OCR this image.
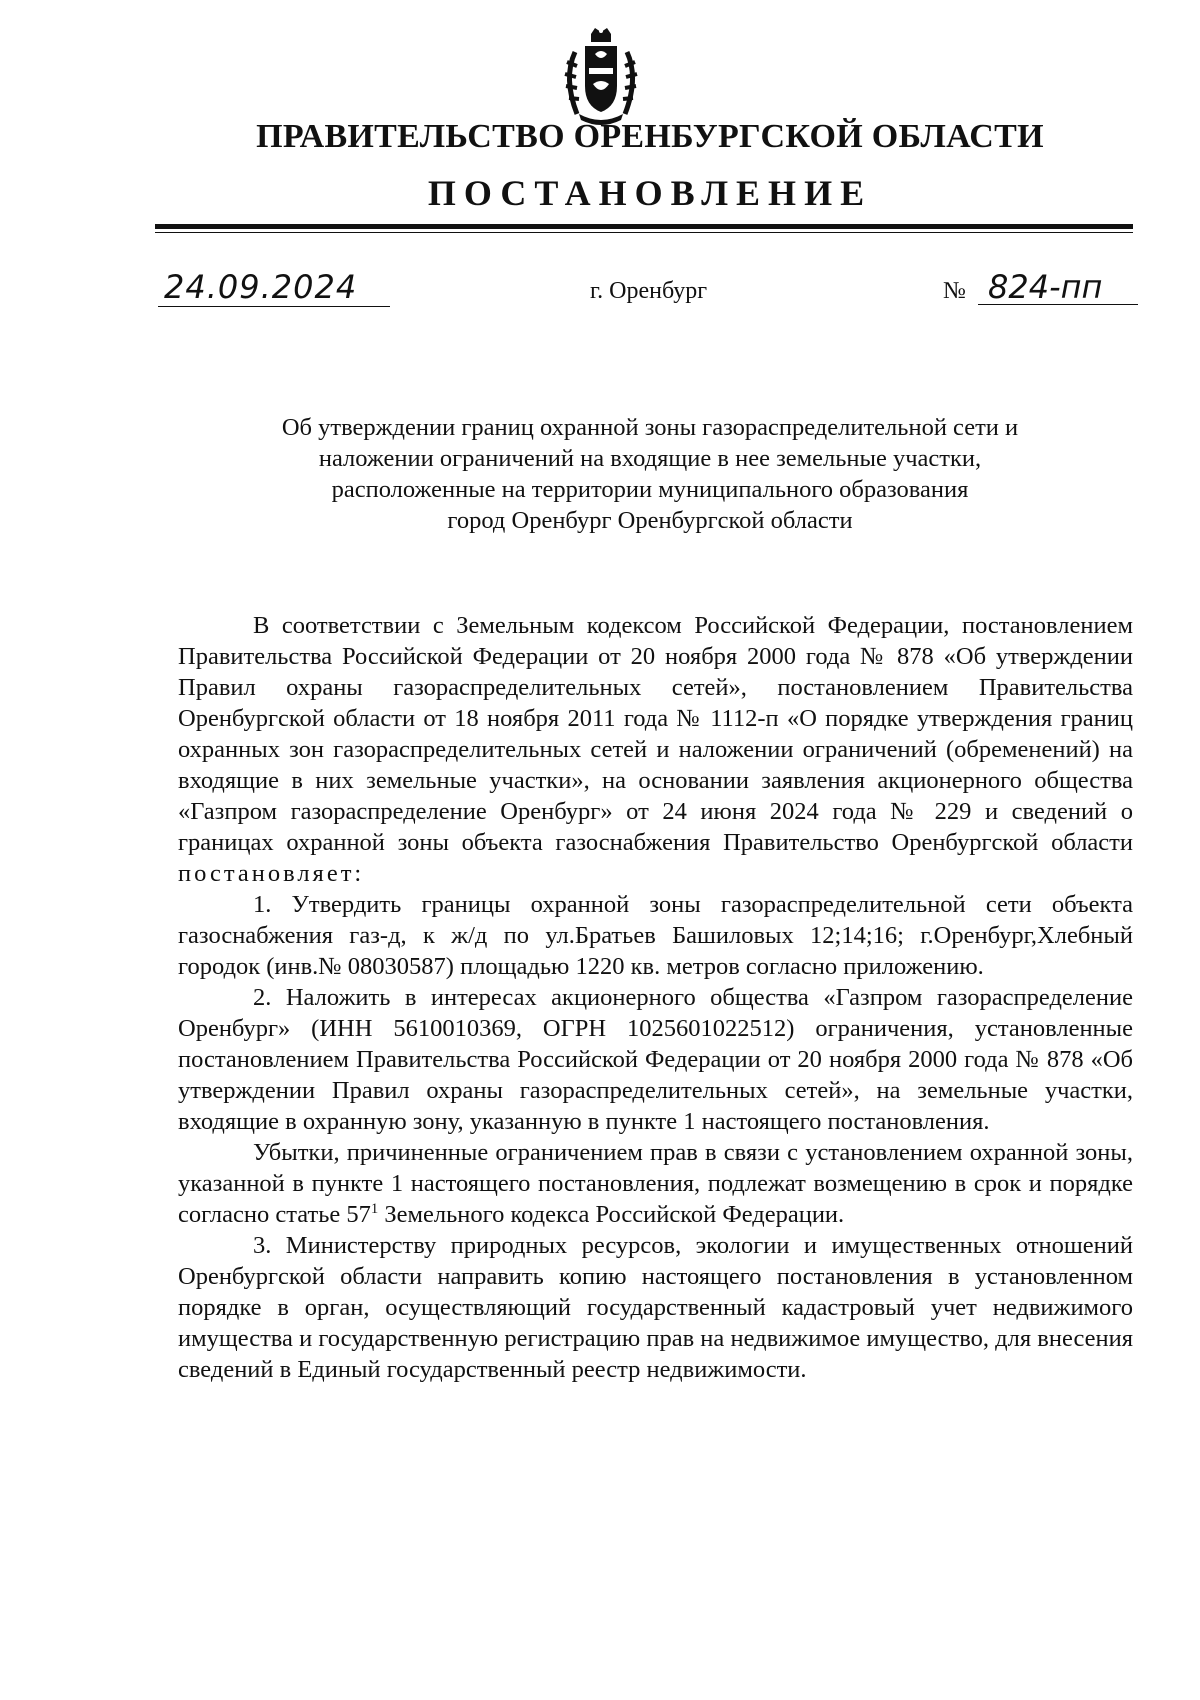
ПРАВИТЕЛЬСТВО ОРЕНБУРГСКОЙ ОБЛАСТИ
ПОСТАНОВЛЕНИЕ
24.09.2024	г. Оренбург	№ 824-пп
Об утверждении границ охранной зоны газораспределительной сети и
наложении ограничений на входящие в нее земельные участки,
расположенные на территории муниципального образования
город Оренбург Оренбургской области

В соответствии с Земельным кодексом Российской Федерации, постановлением Правительства Российской Федерации от 20 ноября 2000 года № 878 «Об утверждении Правил охраны газораспределительных сетей», постановлением Правительства Оренбургской области от 18 ноября 2011 года № 1112-п «О порядке утверждения границ охранных зон газораспределительных сетей и наложении ограничений (обременений) на входящие в них земельные участки», на основании заявления акционерного общества «Газпром газораспределение Оренбург» от 24 июня 2024 года № 229 и сведений о границах охранной зоны объекта газоснабжения Правительство Оренбургской области постановляет:

1. Утвердить границы охранной зоны газораспределительной сети объекта газоснабжения газ-д, к ж/д по ул.Братьев Башиловых 12;14;16; г.Оренбург,Хлебный городок (инв.№ 08030587) площадью 1220 кв. метров согласно приложению.

2. Наложить в интересах акционерного общества «Газпром газораспределение Оренбург» (ИНН 5610010369, ОГРН 1025601022512) ограничения, установленные постановлением Правительства Российской Федерации от 20 ноября 2000 года № 878 «Об утверждении Правил охраны газораспределительных сетей», на земельные участки, входящие в охранную зону, указанную в пункте 1 настоящего постановления.

Убытки, причиненные ограничением прав в связи с установлением охранной зоны, указанной в пункте 1 настоящего постановления, подлежат возмещению в срок и порядке согласно статье $57^1$ Земельного кодекса Российской Федерации.

3. Министерству природных ресурсов, экологии и имущественных отношений Оренбургской области направить копию настоящего постановления в установленном порядке в орган, осуществляющий государственный кадастровый учет недвижимого имущества и государственную регистрацию прав на недвижимое имущество, для внесения сведений в Единый государственный реестр недвижимости.
